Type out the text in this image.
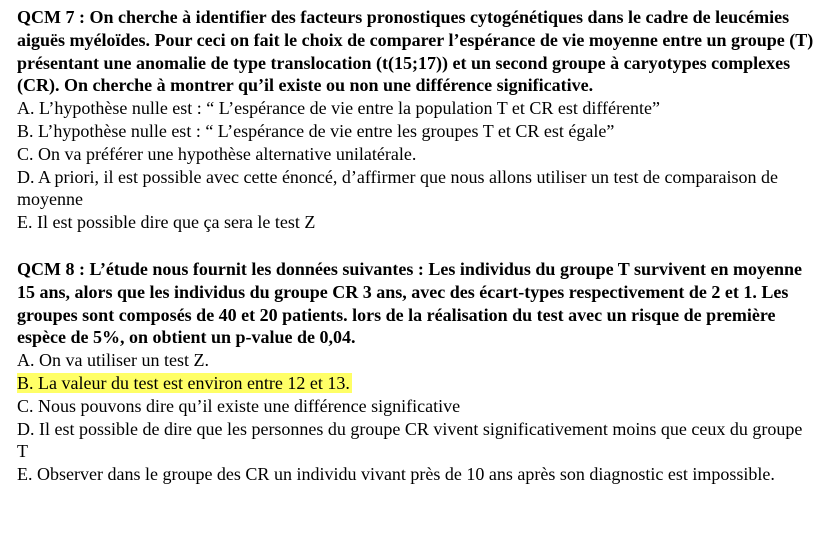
QCM 7 : On cherche à identifier des facteurs pronostiques cytogénétiques dans le cadre de leucémies aiguës myéloïdes. Pour ceci on fait le choix de comparer l’espérance de vie moyenne entre un groupe (T) présentant une anomalie de type translocation (t(15;17)) et un second groupe à caryotypes complexes (CR). On cherche à montrer qu’il existe ou non une différence significative.

A. L’hypothèse nulle est : “ L’espérance de vie entre la population T et CR est différente”

B. L’hypothèse nulle est : “ L’espérance de vie entre les groupes T et CR est égale”

C. On va préférer une hypothèse alternative unilatérale.

D. A priori, il est possible avec cette énoncé, d’affirmer que nous allons utiliser un test de comparaison de moyenne

E. Il est possible dire que ça sera le test Z

QCM 8 : L’étude nous fournit les données suivantes : Les individus du groupe T survivent en moyenne 15 ans, alors que les individus du groupe CR 3 ans, avec des écart-types respectivement de 2 et 1. Les groupes sont composés de 40 et 20 patients. lors de la réalisation du test avec un risque de première espèce de 5%, on obtient un p-value de 0,04.

A. On va utiliser un test Z.

B. La valeur du test est environ entre 12 et 13.

C. Nous pouvons dire qu’il existe une différence significative

D. Il est possible de dire que les personnes du groupe CR vivent significativement moins que ceux du groupe T

E. Observer dans le groupe des CR un individu vivant près de 10 ans après son diagnostic est impossible.
